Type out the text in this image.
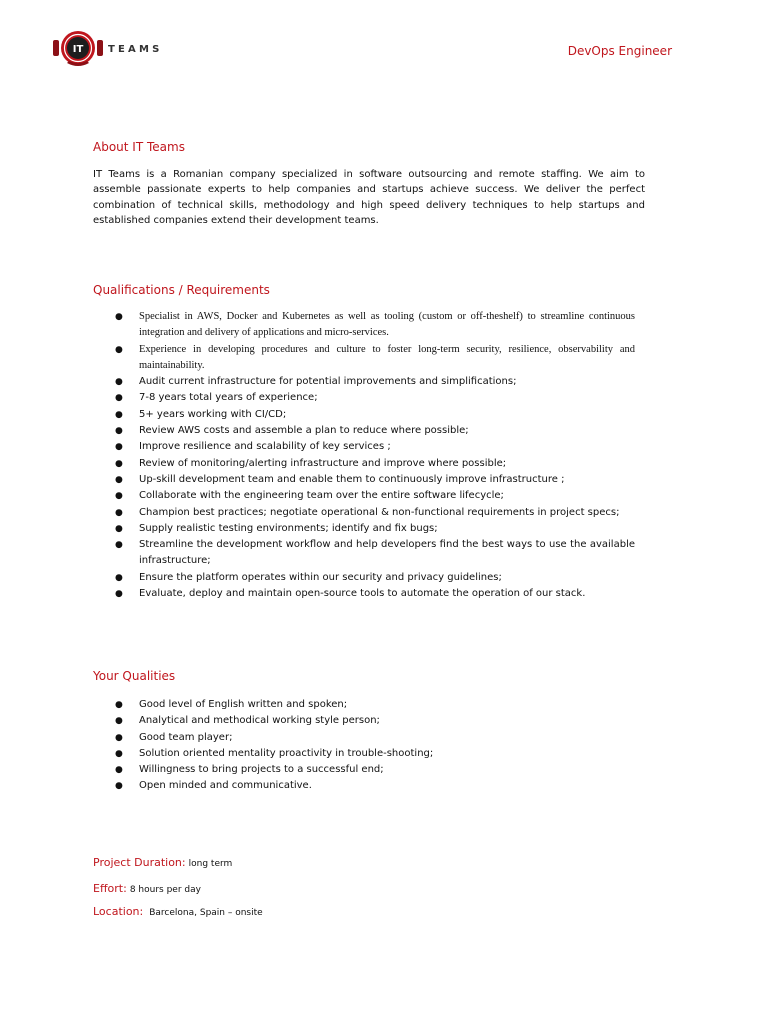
IT TEAMS	DevOps Engineer
About IT Teams

IT Teams is a Romanian company specialized in software outsourcing and remote staffing. We aim to assemble passionate experts to help companies and startups achieve success. We deliver the perfect combination of technical skills, methodology and high speed delivery techniques to help startups and established companies extend their development teams.

Qualifications / Requirements
● Specialist in AWS, Docker and Kubernetes as well as tooling (custom or off-theshelf) to streamline continuous integration and delivery of applications and micro-services.
● Experience in developing procedures and culture to foster long-term security, resilience, observability and maintainability.
● Audit current infrastructure for potential improvements and simplifications;
● 7-8 years total years of experience;
● 5+ years working with CI/CD;
● Review AWS costs and assemble a plan to reduce where possible;
● Improve resilience and scalability of key services ;
● Review of monitoring/alerting infrastructure and improve where possible;
● Up-skill development team and enable them to continuously improve infrastructure ;
● Collaborate with the engineering team over the entire software lifecycle;
● Champion best practices; negotiate operational & non-functional requirements in project specs;
● Supply realistic testing environments; identify and fix bugs;
● Streamline the development workflow and help developers find the best ways to use the available infrastructure;
● Ensure the platform operates within our security and privacy guidelines;
● Evaluate, deploy and maintain open-source tools to automate the operation of our stack.
Your Qualities
● Good level of English written and spoken;
● Analytical and methodical working style person;
● Good team player;
● Solution oriented mentality proactivity in trouble-shooting;
● Willingness to bring projects to a successful end;
● Open minded and communicative.

Project Duration: long term

Effort: 8 hours per day

Location: Barcelona, Spain – onsite
